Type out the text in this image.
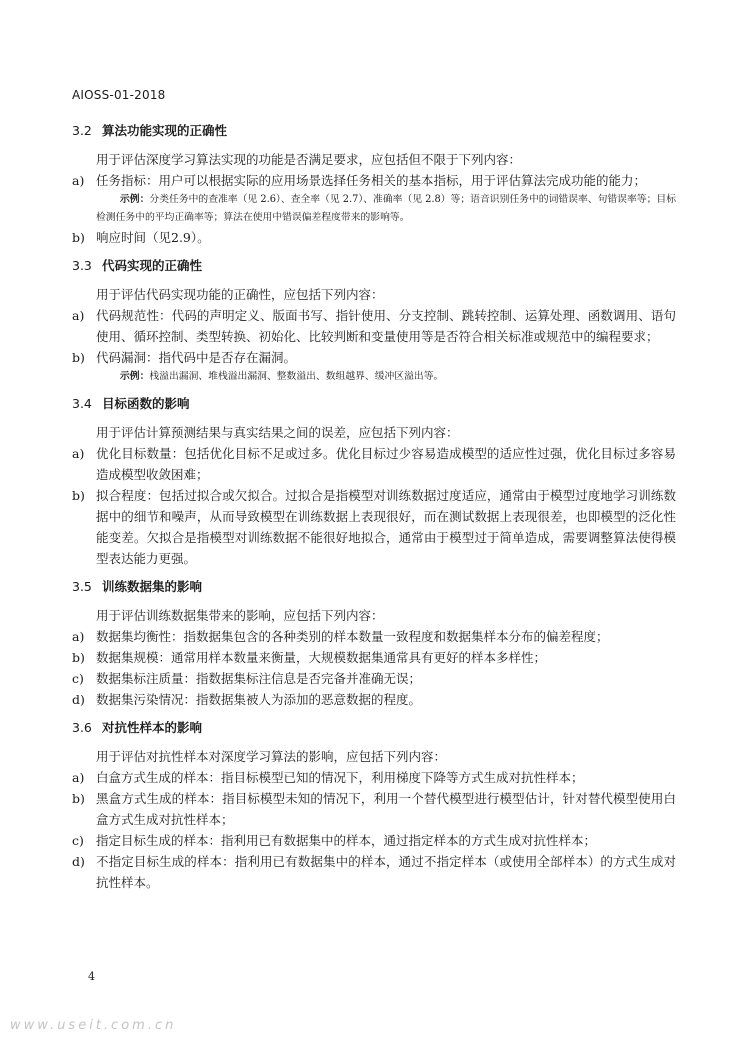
AIOSS-01-2018
3.2 算法功能实现的正确性
用于评估深度学习算法实现的功能是否满足要求，应包括但不限于下列内容：
a) 任务指标：用户可以根据实际的应用场景选择任务相关的基本指标，用于评估算法完成功能的能力；
示例：分类任务中的查准率（见 2.6）、查全率（见 2.7）、准确率（见 2.8）等；语音识别任务中的词错误率、句错误率等；目标检测任务中的平均正确率等；算法在使用中错误偏差程度带来的影响等。
b) 响应时间（见2.9）。
3.3 代码实现的正确性
用于评估代码实现功能的正确性，应包括下列内容：
a) 代码规范性：代码的声明定义、版面书写、指针使用、分支控制、跳转控制、运算处理、函数调用、语句使用、循环控制、类型转换、初始化、比较判断和变量使用等是否符合相关标准或规范中的编程要求；
b) 代码漏洞：指代码中是否存在漏洞。
示例：栈溢出漏洞、堆栈溢出漏洞、整数溢出、数组越界、缓冲区溢出等。
3.4 目标函数的影响
用于评估计算预测结果与真实结果之间的误差，应包括下列内容：
a) 优化目标数量：包括优化目标不足或过多。优化目标过少容易造成模型的适应性过强，优化目标过多容易造成模型收敛困难；
b) 拟合程度：包括过拟合或欠拟合。过拟合是指模型对训练数据过度适应，通常由于模型过度地学习训练数据中的细节和噪声，从而导致模型在训练数据上表现很好，而在测试数据上表现很差，也即模型的泛化性能变差。欠拟合是指模型对训练数据不能很好地拟合，通常由于模型过于简单造成，需要调整算法使得模型表达能力更强。
3.5 训练数据集的影响
用于评估训练数据集带来的影响，应包括下列内容：
a) 数据集均衡性：指数据集包含的各种类别的样本数量一致程度和数据集样本分布的偏差程度；
b) 数据集规模：通常用样本数量来衡量，大规模数据集通常具有更好的样本多样性；
c) 数据集标注质量：指数据集标注信息是否完备并准确无误；
d) 数据集污染情况：指数据集被人为添加的恶意数据的程度。
3.6 对抗性样本的影响
用于评估对抗性样本对深度学习算法的影响，应包括下列内容：
a) 白盒方式生成的样本：指目标模型已知的情况下，利用梯度下降等方式生成对抗性样本；
b) 黑盒方式生成的样本：指目标模型未知的情况下，利用一个替代模型进行模型估计，针对替代模型使用白盒方式生成对抗性样本；
c) 指定目标生成的样本：指利用已有数据集中的样本，通过指定样本的方式生成对抗性样本；
d) 不指定目标生成的样本：指利用已有数据集中的样本，通过不指定样本（或使用全部样本）的方式生成对抗性样本。
4
www.useit.com.cn
